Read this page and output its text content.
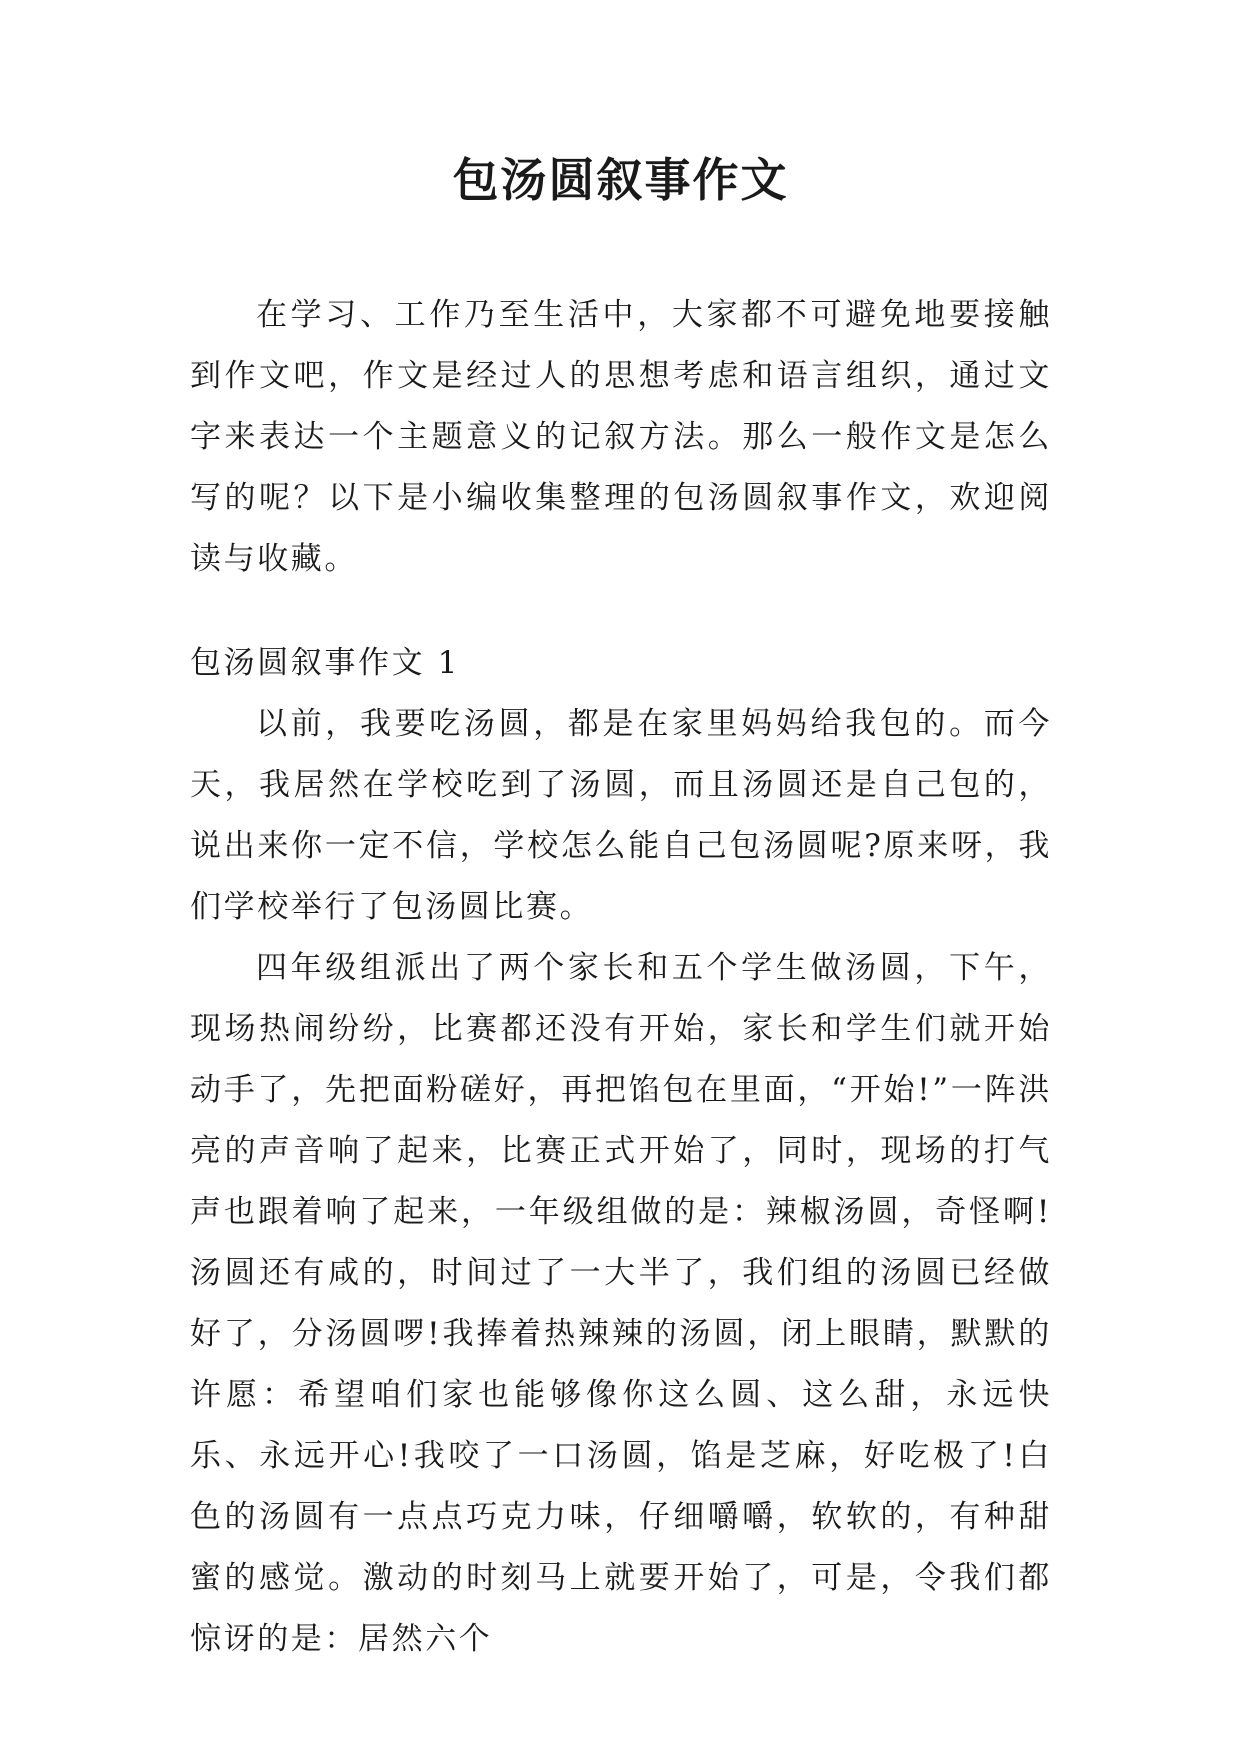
包汤圆叙事作文

在学习、工作乃至生活中，大家都不可避免地要接触到作文吧，作文是经过人的思想考虑和语言组织，通过文字来表达一个主题意义的记叙方法。那么一般作文是怎么写的呢？以下是小编收集整理的包汤圆叙事作文，欢迎阅读与收藏。

包汤圆叙事作文 1

以前，我要吃汤圆，都是在家里妈妈给我包的。而今天，我居然在学校吃到了汤圆，而且汤圆还是自己包的，说出来你一定不信，学校怎么能自己包汤圆呢?原来呀，我们学校举行了包汤圆比赛。

四年级组派出了两个家长和五个学生做汤圆，下午，现场热闹纷纷，比赛都还没有开始，家长和学生们就开始动手了，先把面粉磋好，再把馅包在里面，“开始!”一阵洪亮的声音响了起来，比赛正式开始了，同时，现场的打气声也跟着响了起来，一年级组做的是：辣椒汤圆，奇怪啊!汤圆还有咸的，时间过了一大半了，我们组的汤圆已经做好了，分汤圆啰!我捧着热辣辣的汤圆，闭上眼睛，默默的许愿：希望咱们家也能够像你这么圆、这么甜，永远快乐、永远开心!我咬了一口汤圆，馅是芝麻，好吃极了!白色的汤圆有一点点巧克力味，仔细嚼嚼，软软的，有种甜蜜的感觉。激动的时刻马上就要开始了，可是，令我们都惊讶的是：居然六个
